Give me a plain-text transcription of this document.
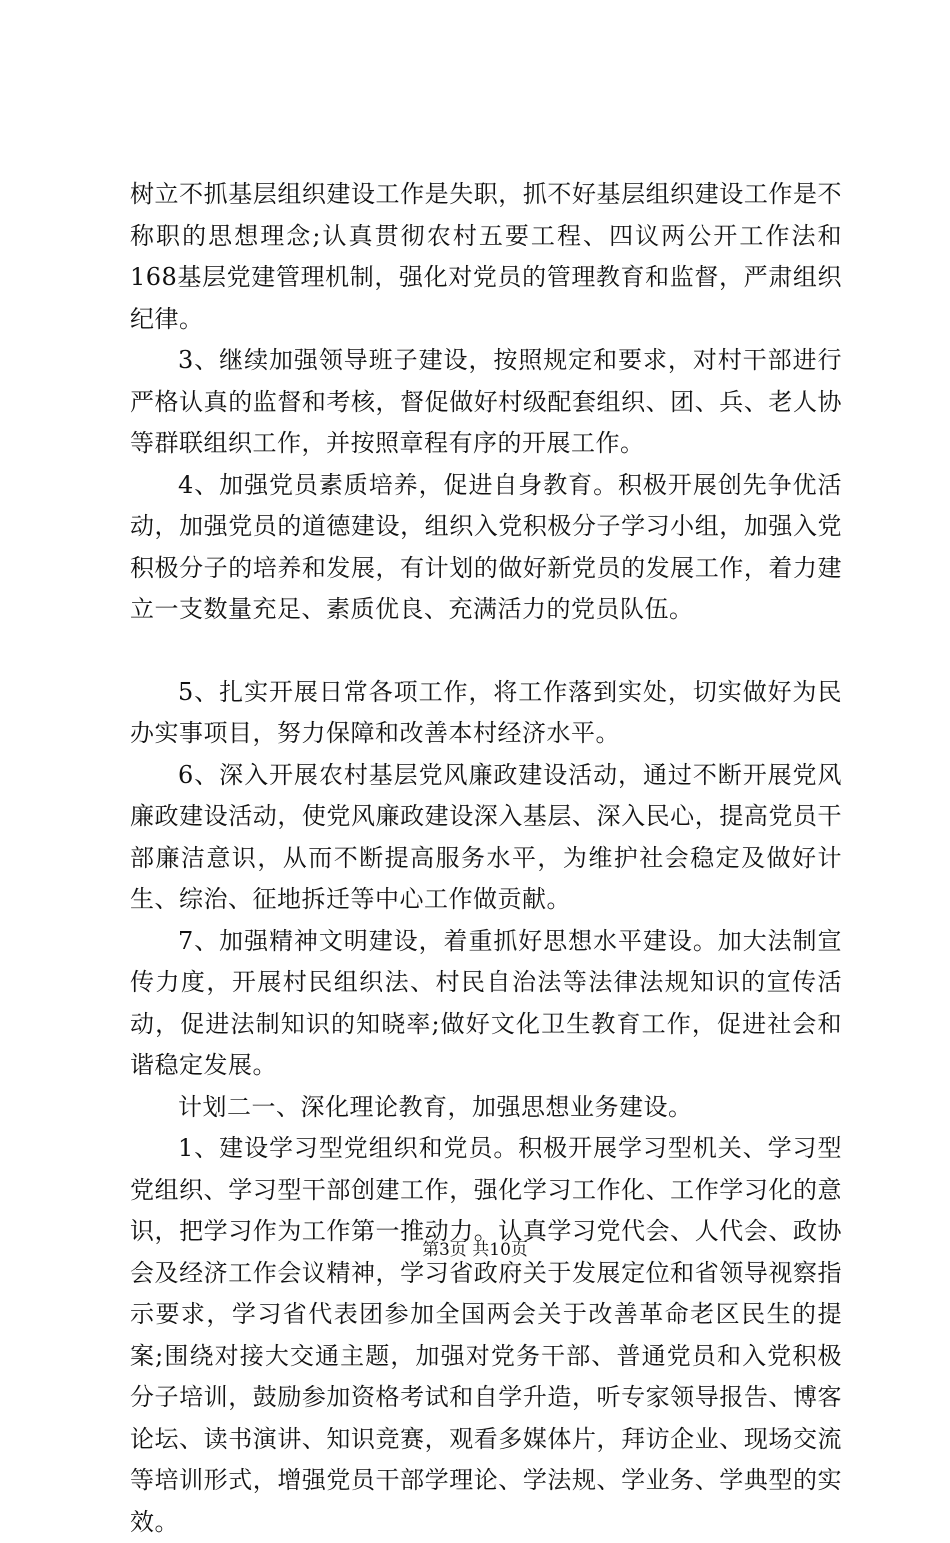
树立不抓基层组织建设工作是失职，抓不好基层组织建设工作是不称职的思想理念;认真贯彻农村五要工程、四议两公开工作法和168基层党建管理机制，强化对党员的管理教育和监督，严肃组织纪律。

3、继续加强领导班子建设，按照规定和要求，对村干部进行严格认真的监督和考核，督促做好村级配套组织、团、兵、老人协等群联组织工作，并按照章程有序的开展工作。

4、加强党员素质培养，促进自身教育。积极开展创先争优活动，加强党员的道德建设，组织入党积极分子学习小组，加强入党积极分子的培养和发展，有计划的做好新党员的发展工作，着力建立一支数量充足、素质优良、充满活力的党员队伍。

5、扎实开展日常各项工作，将工作落到实处，切实做好为民办实事项目，努力保障和改善本村经济水平。

6、深入开展农村基层党风廉政建设活动，通过不断开展党风廉政建设活动，使党风廉政建设深入基层、深入民心，提高党员干部廉洁意识，从而不断提高服务水平，为维护社会稳定及做好计生、综治、征地拆迁等中心工作做贡献。

7、加强精神文明建设，着重抓好思想水平建设。加大法制宣传力度，开展村民组织法、村民自治法等法律法规知识的宣传活动，促进法制知识的知晓率;做好文化卫生教育工作，促进社会和谐稳定发展。

计划二一、深化理论教育，加强思想业务建设。

1、建设学习型党组织和党员。积极开展学习型机关、学习型党组织、学习型干部创建工作，强化学习工作化、工作学习化的意识，把学习作为工作第一推动力。认真学习党代会、人代会、政协会及经济工作会议精神，学习省政府关于发展定位和省领导视察指示要求，学习省代表团参加全国两会关于改善革命老区民生的提案;围绕对接大交通主题，加强对党务干部、普通党员和入党积极分子培训，鼓励参加资格考试和自学升造，听专家领导报告、博客论坛、读书演讲、知识竞赛，观看多媒体片，拜访企业、现场交流等培训形式，增强党员干部学理论、学法规、学业务、学典型的实效。

第3页 共10页
